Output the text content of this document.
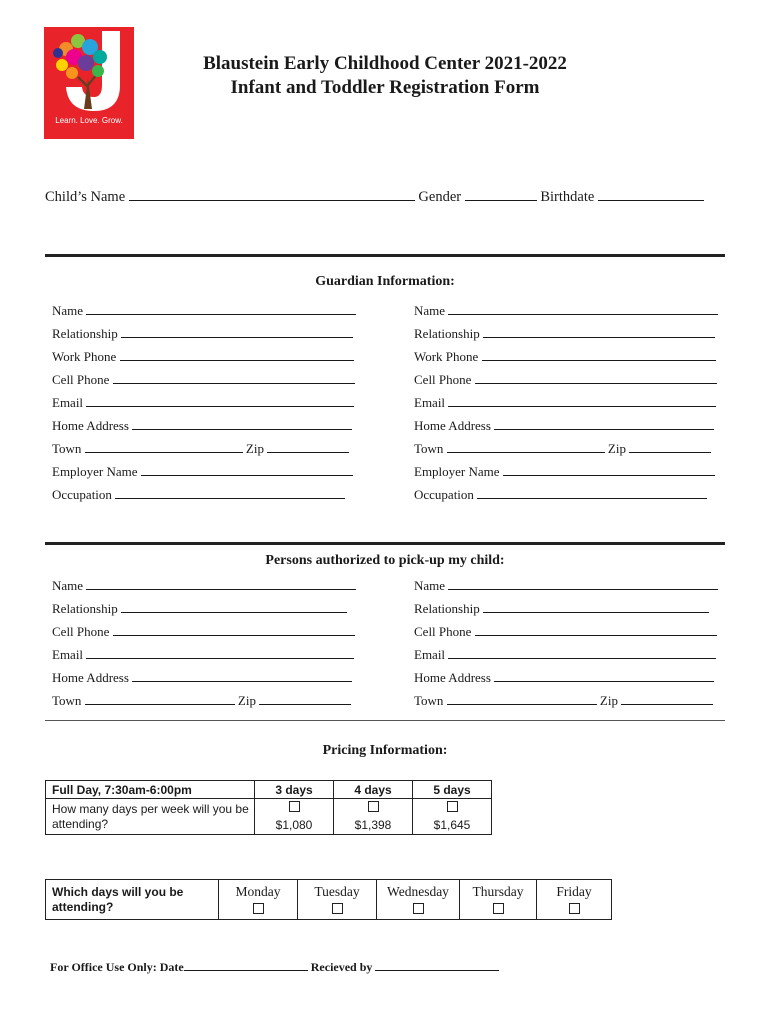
Learn. Love. Grow.
Blaustein Early Childhood Center
Blaustein Early Childhood Center 2021-2022
Infant and Toddler Registration Form
Child’s Name	Gender	Birthdate
Guardian Information:
Name
Relationship
Work Phone
Cell Phone
Email
Home Address
Town	Zip
Employer Name
Occupation
Name
Relationship
Work Phone
Cell Phone
Email
Home Address
Town	Zip
Employer Name
Occupation
Persons authorized to pick-up my child:
Name
Relationship
Cell Phone
Email
Home Address
Town	Zip
Name
Relationship
Cell Phone
Email
Home Address
Town	Zip
Pricing Information:
Full Day, 7:30am-6:00pm	3 days	4 days	5 days
How many days per week will you be attending?	$1,080	$1,398	$1,645
Which days will you be attending?	Monday	Tuesday	Wednesday	Thursday	Friday

For Office Use Only: Date	Recieved by
